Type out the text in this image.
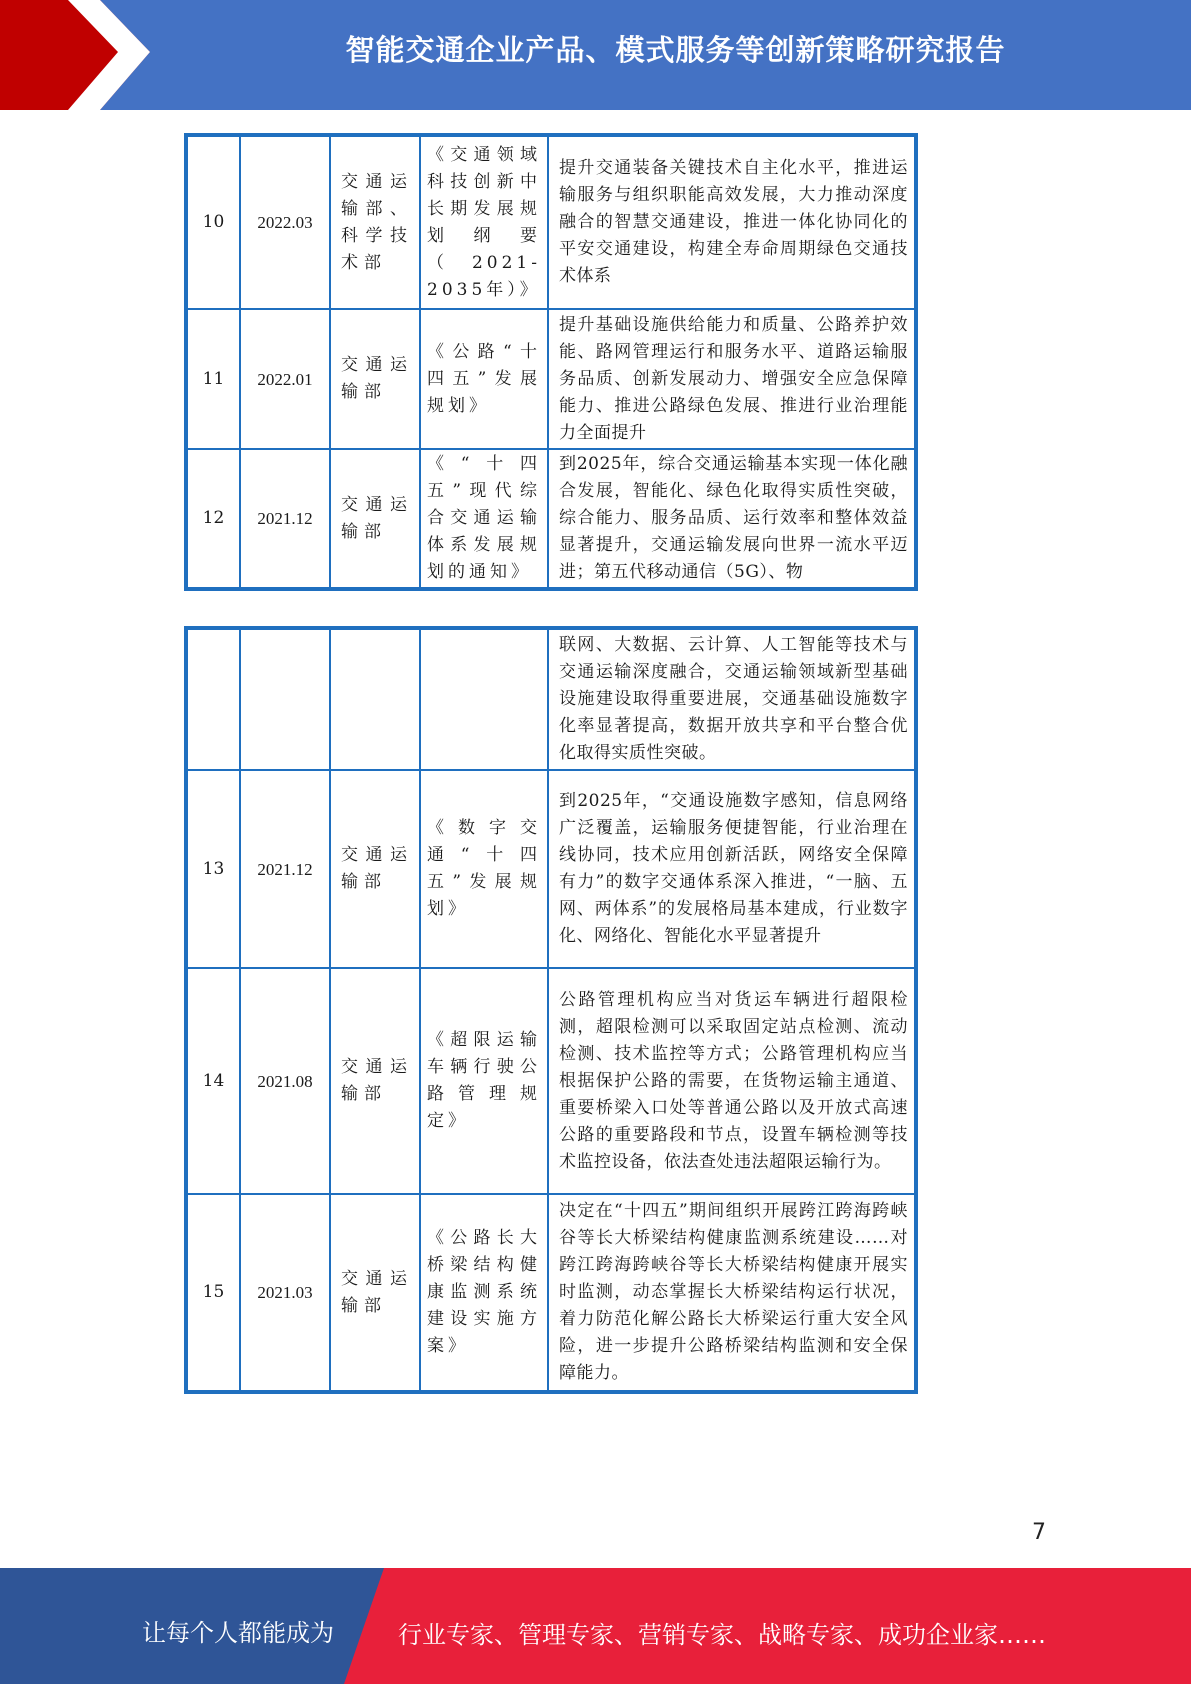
智能交通企业产品、模式服务等创新策略研究报告
10	2022.03	交通运输部、科学技术部	《交通领域科技创新中长期发展规划纲要（2021-2035年）》	提升交通装备关键技术自主化水平，推进运输服务与组织职能高效发展，大力推动深度融合的智慧交通建设，推进一体化协同化的平安交通建设，构建全寿命周期绿色交通技术体系
11	2022.01	交通运输部	《公路“十四五”发展规划》	提升基础设施供给能力和质量、公路养护效能、路网管理运行和服务水平、道路运输服务品质、创新发展动力、增强安全应急保障能力、推进公路绿色发展、推进行业治理能力全面提升
12	2021.12	交通运输部	《“十四五”现代综合交通运输体系发展规划的通知》	到2025年，综合交通运输基本实现一体化融合发展，智能化、绿色化取得实质性突破，综合能力、服务品质、运行效率和整体效益显著提升，交通运输发展向世界一流水平迈进；第五代移动通信（5G）、物
				联网、大数据、云计算、人工智能等技术与交通运输深度融合，交通运输领域新型基础设施建设取得重要进展，交通基础设施数字化率显著提高，数据开放共享和平台整合优化取得实质性突破。
13	2021.12	交通运输部	《数字交通“十四五”发展规划》	到2025年，“交通设施数字感知，信息网络广泛覆盖，运输服务便捷智能，行业治理在线协同，技术应用创新活跃，网络安全保障有力”的数字交通体系深入推进，“一脑、五网、两体系”的发展格局基本建成，行业数字化、网络化、智能化水平显著提升
14	2021.08	交通运输部	《超限运输车辆行驶公路管理规定》	公路管理机构应当对货运车辆进行超限检测，超限检测可以采取固定站点检测、流动检测、技术监控等方式；公路管理机构应当根据保护公路的需要，在货物运输主通道、重要桥梁入口处等普通公路以及开放式高速公路的重要路段和节点，设置车辆检测等技术监控设备，依法查处违法超限运输行为。
15	2021.03	交通运输部	《公路长大桥梁结构健康监测系统建设实施方案》	决定在“十四五”期间组织开展跨江跨海跨峡谷等长大桥梁结构健康监测系统建设……对跨江跨海跨峡谷等长大桥梁结构健康开展实时监测，动态掌握长大桥梁结构运行状况，着力防范化解公路长大桥梁运行重大安全风险，进一步提升公路桥梁结构监测和安全保障能力。
7
让每个人都能成为	行业专家、管理专家、营销专家、战略专家、成功企业家……
